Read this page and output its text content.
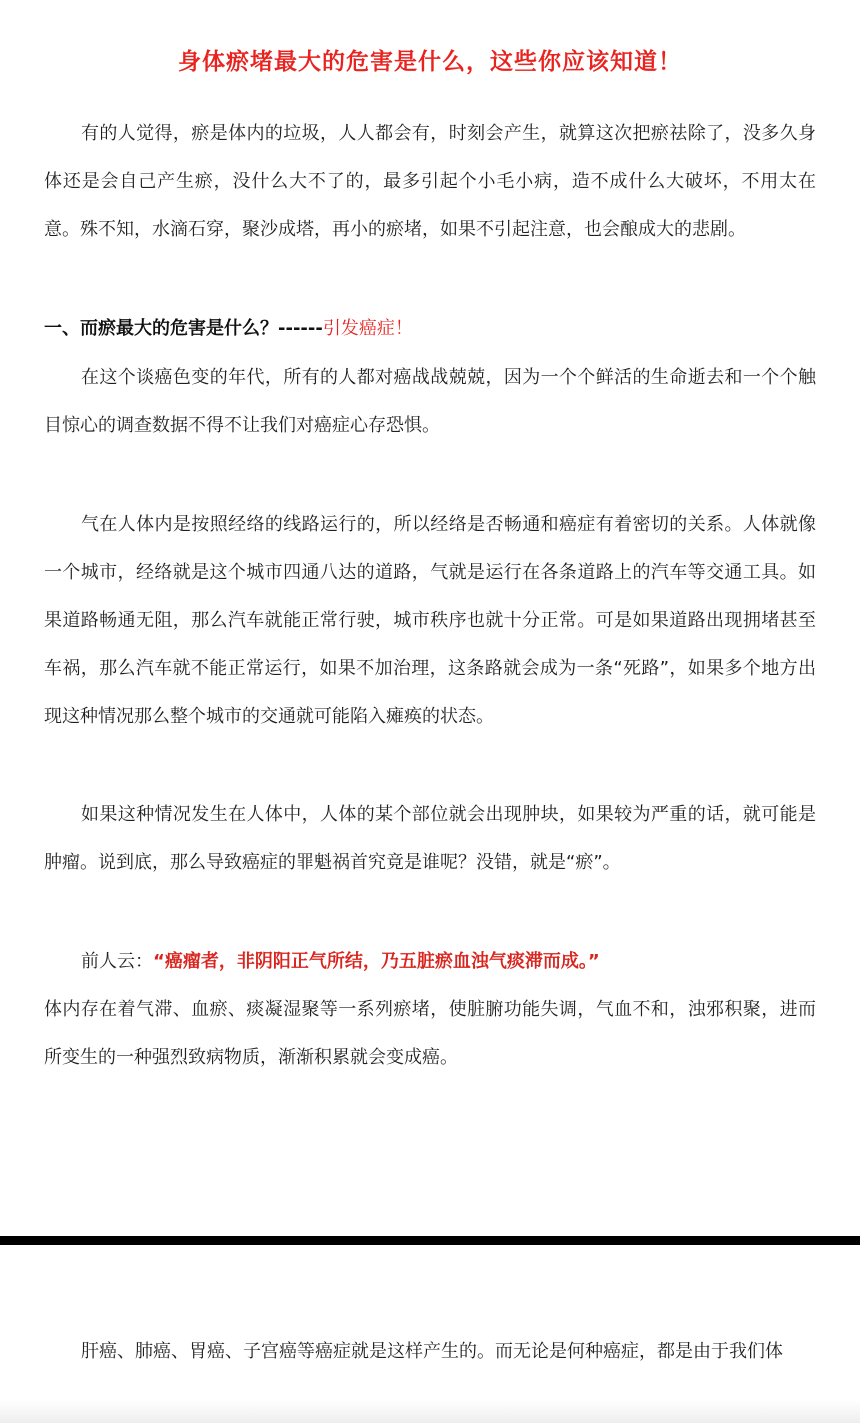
身体瘀堵最大的危害是什么，这些你应该知道！
有的人觉得，瘀是体内的垃圾，人人都会有，时刻会产生，就算这次把瘀祛除了，没多久身体还是会自己产生瘀，没什么大不了的，最多引起个小毛小病，造不成什么大破坏，不用太在意。殊不知，水滴石穿，聚沙成塔，再小的瘀堵，如果不引起注意，也会酿成大的悲剧。
一、而瘀最大的危害是什么？------引发癌症！
在这个谈癌色变的年代，所有的人都对癌战战兢兢，因为一个个鲜活的生命逝去和一个个触目惊心的调查数据不得不让我们对癌症心存恐惧。
气在人体内是按照经络的线路运行的，所以经络是否畅通和癌症有着密切的关系。人体就像一个城市，经络就是这个城市四通八达的道路，气就是运行在各条道路上的汽车等交通工具。如果道路畅通无阻，那么汽车就能正常行驶，城市秩序也就十分正常。可是如果道路出现拥堵甚至车祸，那么汽车就不能正常运行，如果不加治理，这条路就会成为一条“死路”，如果多个地方出现这种情况那么整个城市的交通就可能陷入瘫痪的状态。
如果这种情况发生在人体中，人体的某个部位就会出现肿块，如果较为严重的话，就可能是肿瘤。说到底，那么导致癌症的罪魁祸首究竟是谁呢？没错，就是“瘀”。
前人云：“癌瘤者，非阴阳正气所结，乃五脏瘀血浊气痰滞而成。”
体内存在着气滞、血瘀、痰凝湿聚等一系列瘀堵，使脏腑功能失调，气血不和，浊邪积聚，进而所变生的一种强烈致病物质，渐渐积累就会变成癌。
肝癌、肺癌、胃癌、子宫癌等癌症就是这样产生的。而无论是何种癌症，都是由于我们体
